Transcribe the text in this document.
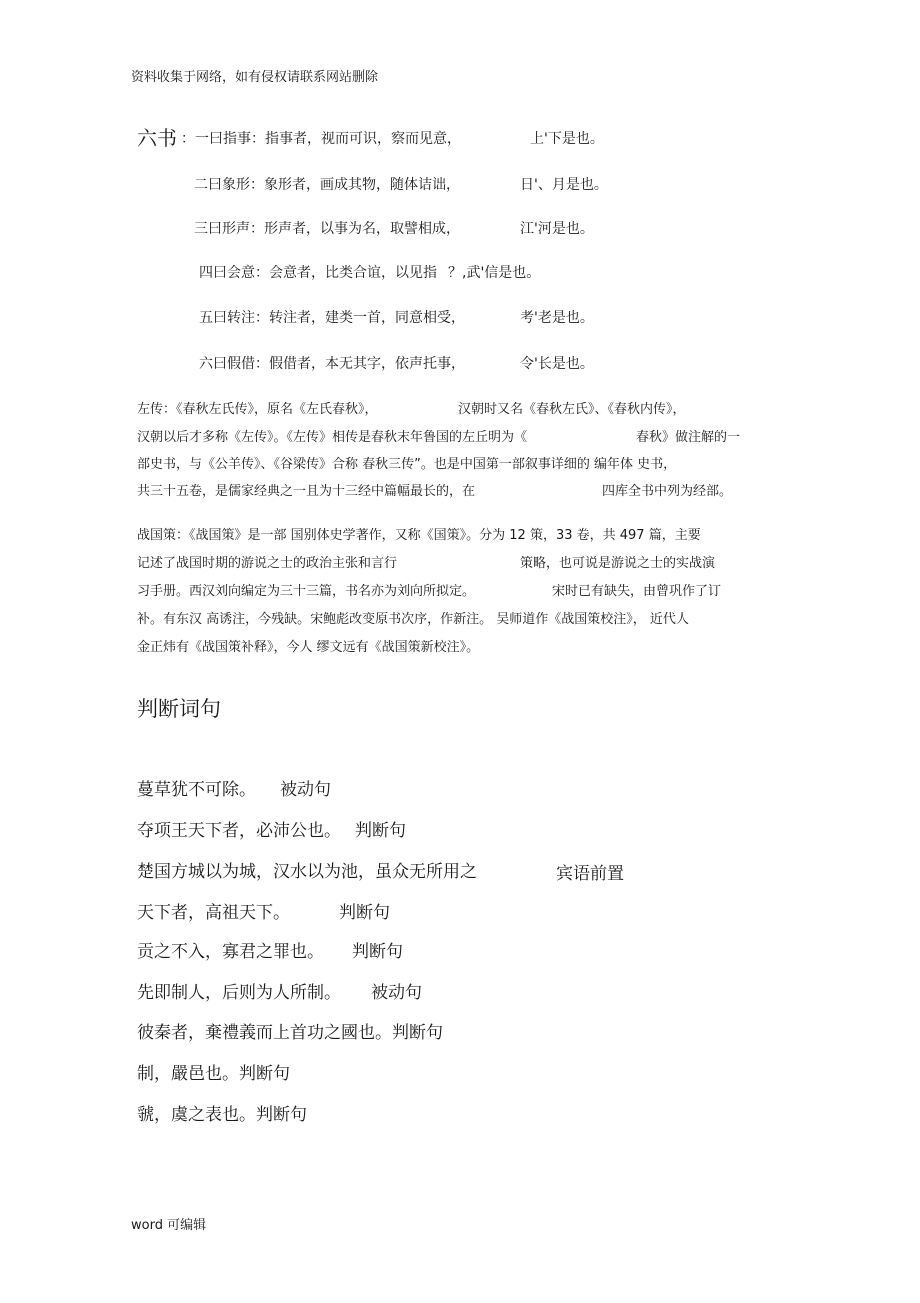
资料收集于网络，如有侵权请联系网站删除
六书 ：一曰指事：指事者，视而可识，察而见意，	上'下是也。
二曰象形：象形者，画成其物，随体诘诎，	日'、月是也。
三曰形声：形声者，以事为名，取譬相成，	江'河是也。
四曰会意：会意者，比类合谊，以见指 ？,武'信是也。
五曰转注：转注者，建类一首，同意相受，	考'老是也。
六曰假借：假借者，本无其字，依声托事，	令'长是也。
左传：《春秋左氏传》，原名《左氏春秋》，	汉朝时又名《春秋左氏》、《春秋内传》，
汉朝以后才多称《左传》。《左传》相传是春秋末年鲁国的左丘明为《	春秋》做注解的一
部史书，与《公羊传》、《谷梁传》合称 春秋三传”。也是中国第一部叙事详细的 编年体 史书，
共三十五卷，是儒家经典之一且为十三经中篇幅最长的，在	四库全书中列为经部。
战国策：《战国策》是一部 国别体史学著作，又称《国策》。分为 12 策，33 卷，共 497 篇，主要
记述了战国时期的游说之士的政治主张和言行	策略，也可说是游说之士的实战演
习手册。西汉刘向编定为三十三篇，书名亦为刘向所拟定。	宋时已有缺失，由曾巩作了订
补。有东汉 高诱注，今残缺。宋鲍彪改变原书次序，作新注。 吴师道作《战国策校注》， 近代人
金正炜有《战国策补释》，今人 缪文远有《战国策新校注》。
判断词句
蔓草犹不可除。 被动句
夺项王天下者，必沛公也。 判断句
楚国方城以为城，汉水以为池，虽众无所用之	宾语前置
天下者，高祖天下。	判断句
贡之不入，寡君之罪也。 判断句
先即制人，后则为人所制。 被动句
彼秦者，棄禮義而上首功之國也。判断句
制，嚴邑也。判断句
虢，虞之表也。判断句
word 可编辑
